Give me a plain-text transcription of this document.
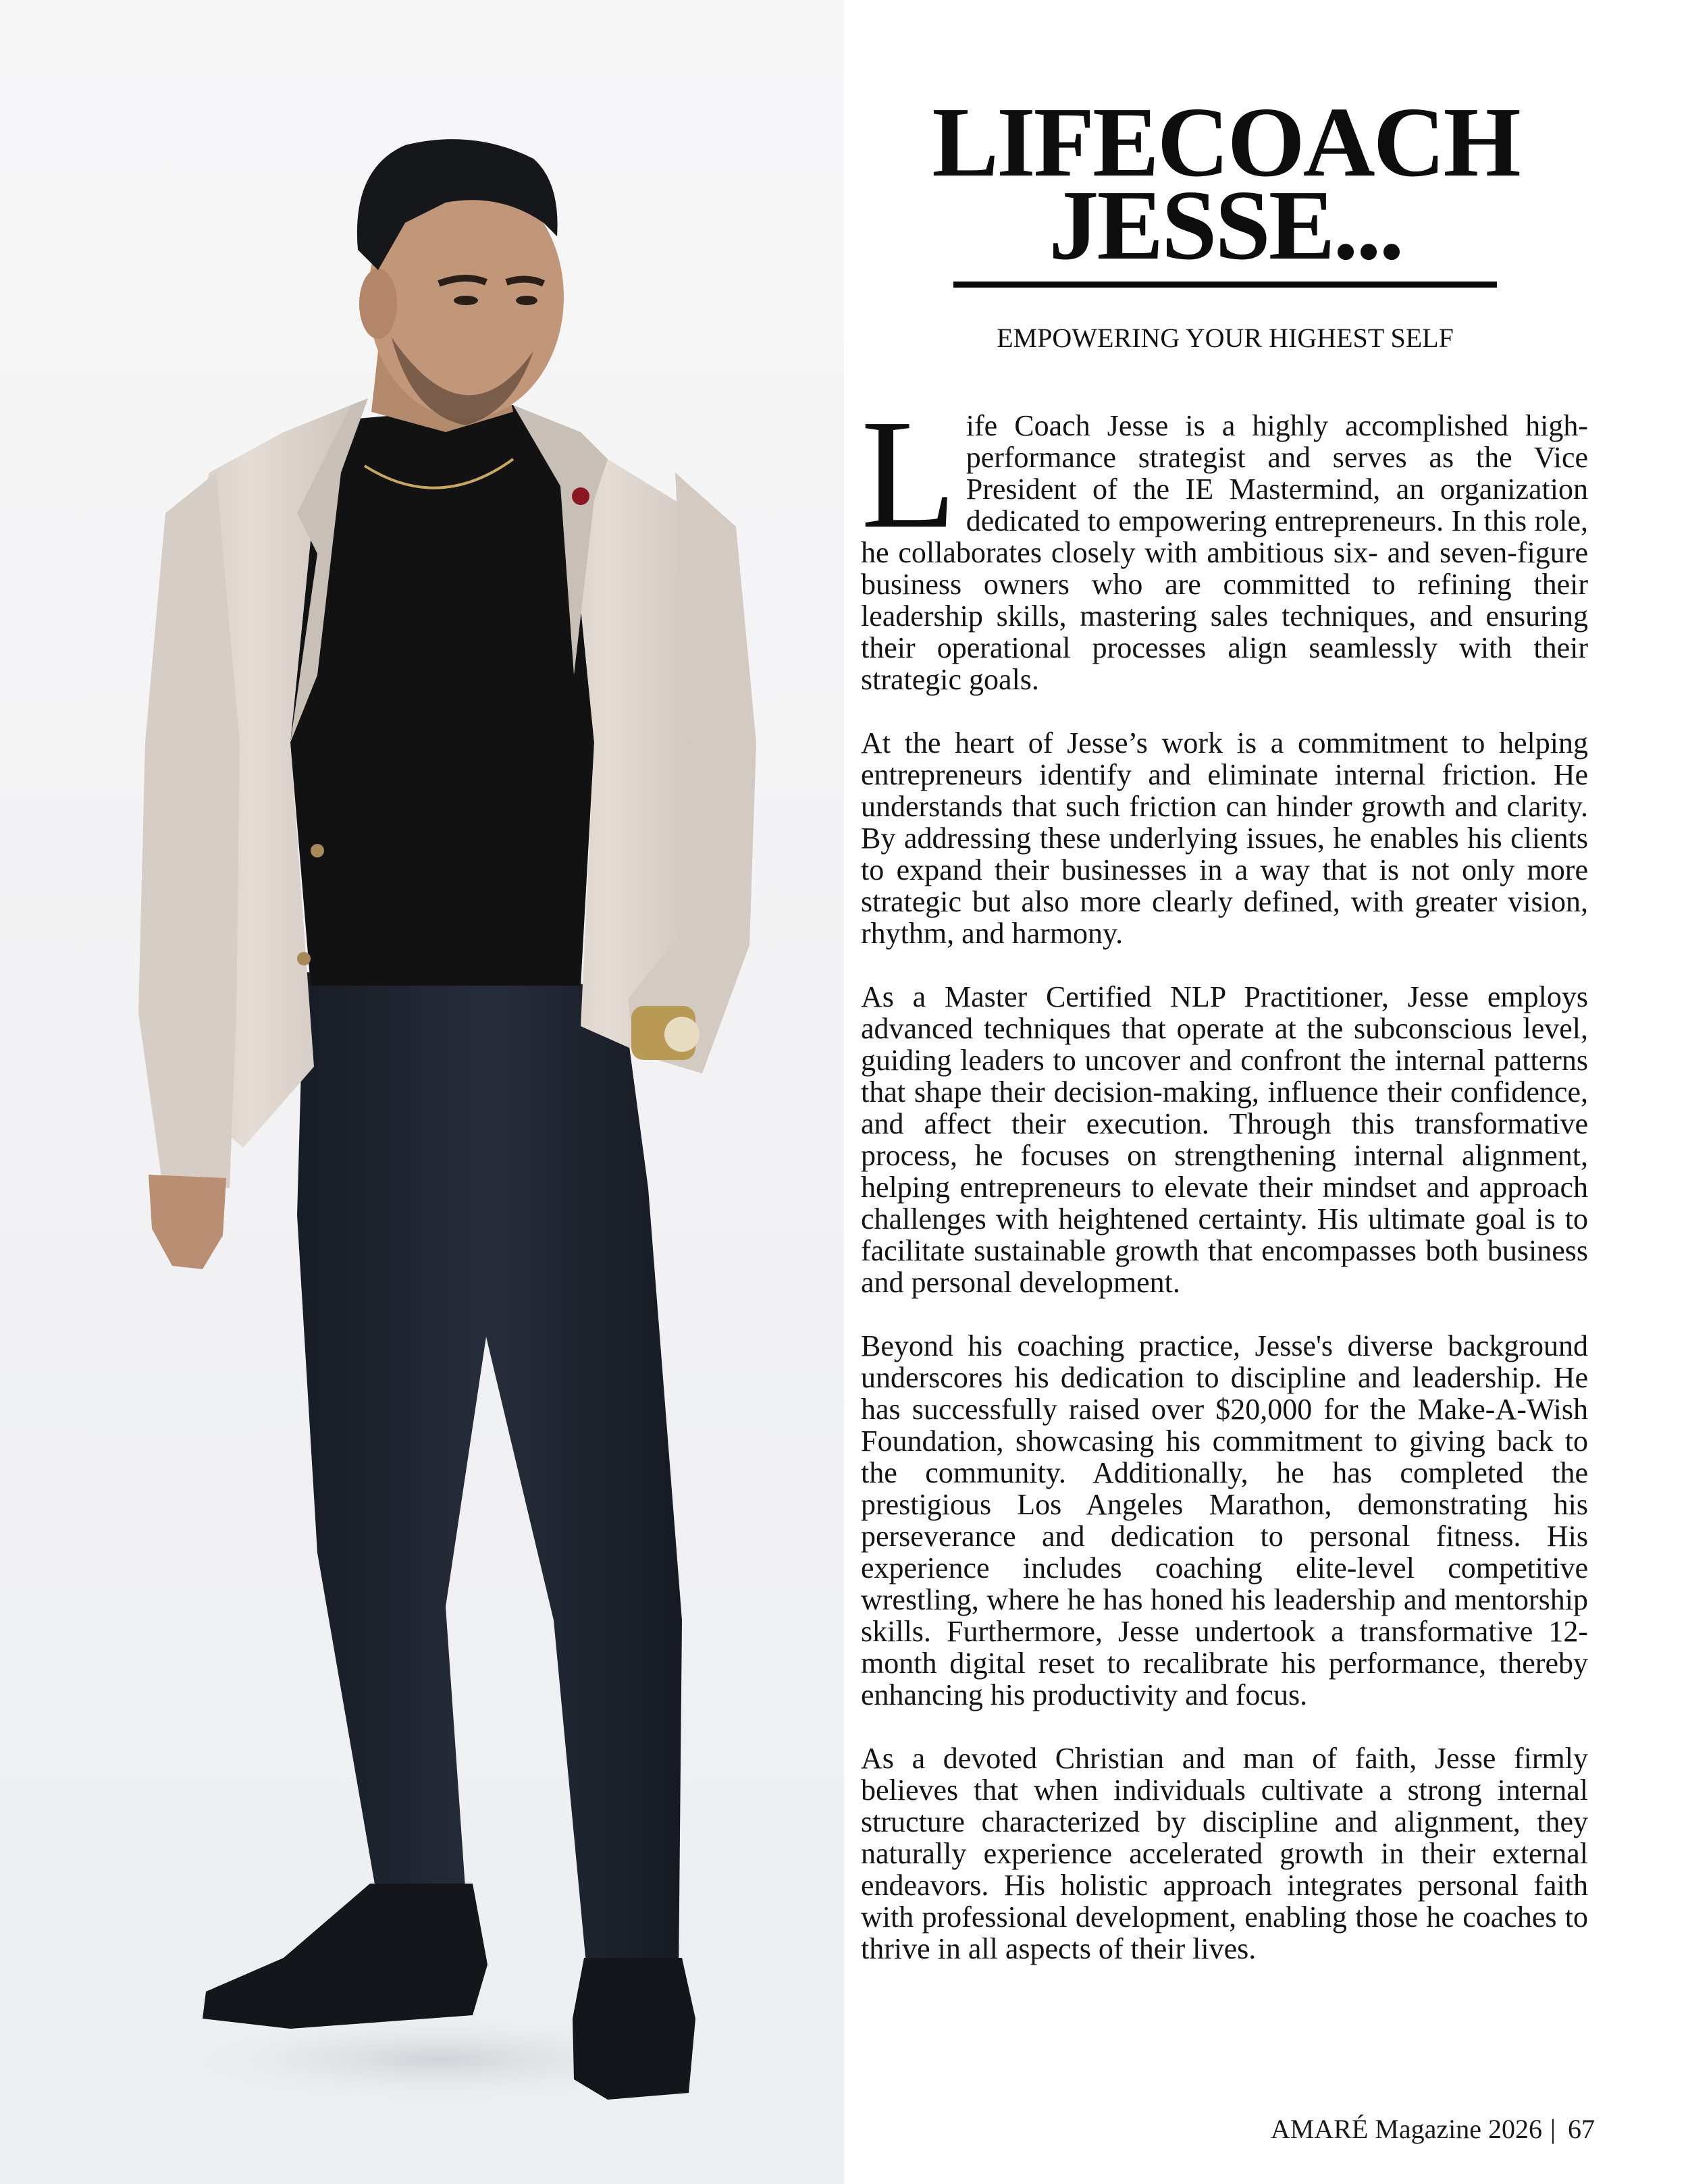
LIFECOACH
JESSE...
EMPOWERING YOUR HIGHEST SELF

Life Coach Jesse is a highly accomplished high-performance strategist and serves as the Vice President of the IE Mastermind, an organization dedicated to empowering entrepreneurs. In this role, he collaborates closely with ambitious six- and seven-figure business owners who are committed to refining their leadership skills, mastering sales techniques, and ensuring their operational processes align seamlessly with their strategic goals.

At the heart of Jesse’s work is a commitment to helping entrepreneurs identify and eliminate internal friction. He understands that such friction can hinder growth and clarity. By addressing these underlying issues, he enables his clients to expand their businesses in a way that is not only more strategic but also more clearly defined, with greater vision, rhythm, and harmony.

As a Master Certified NLP Practitioner, Jesse employs advanced techniques that operate at the subconscious level, guiding leaders to uncover and confront the internal patterns that shape their decision-making, influence their confidence, and affect their execution. Through this transformative process, he focuses on strengthening internal alignment, helping entrepreneurs to elevate their mindset and approach challenges with heightened certainty. His ultimate goal is to facilitate sustainable growth that encompasses both business and personal development.

Beyond his coaching practice, Jesse's diverse background underscores his dedication to discipline and leadership. He has successfully raised over $20,000 for the Make-A-Wish Foundation, showcasing his commitment to giving back to the community. Additionally, he has completed the prestigious Los Angeles Marathon, demonstrating his perseverance and dedication to personal fitness. His experience includes coaching elite-level competitive wrestling, where he has honed his leadership and mentorship skills. Furthermore, Jesse undertook a transformative 12-month digital reset to recalibrate his performance, thereby enhancing his productivity and focus.

As a devoted Christian and man of faith, Jesse firmly believes that when individuals cultivate a strong internal structure characterized by discipline and alignment, they naturally experience accelerated growth in their external endeavors. His holistic approach integrates personal faith with professional development, enabling those he coaches to thrive in all aspects of their lives.

AMARÉ Magazine 2026 | 67
